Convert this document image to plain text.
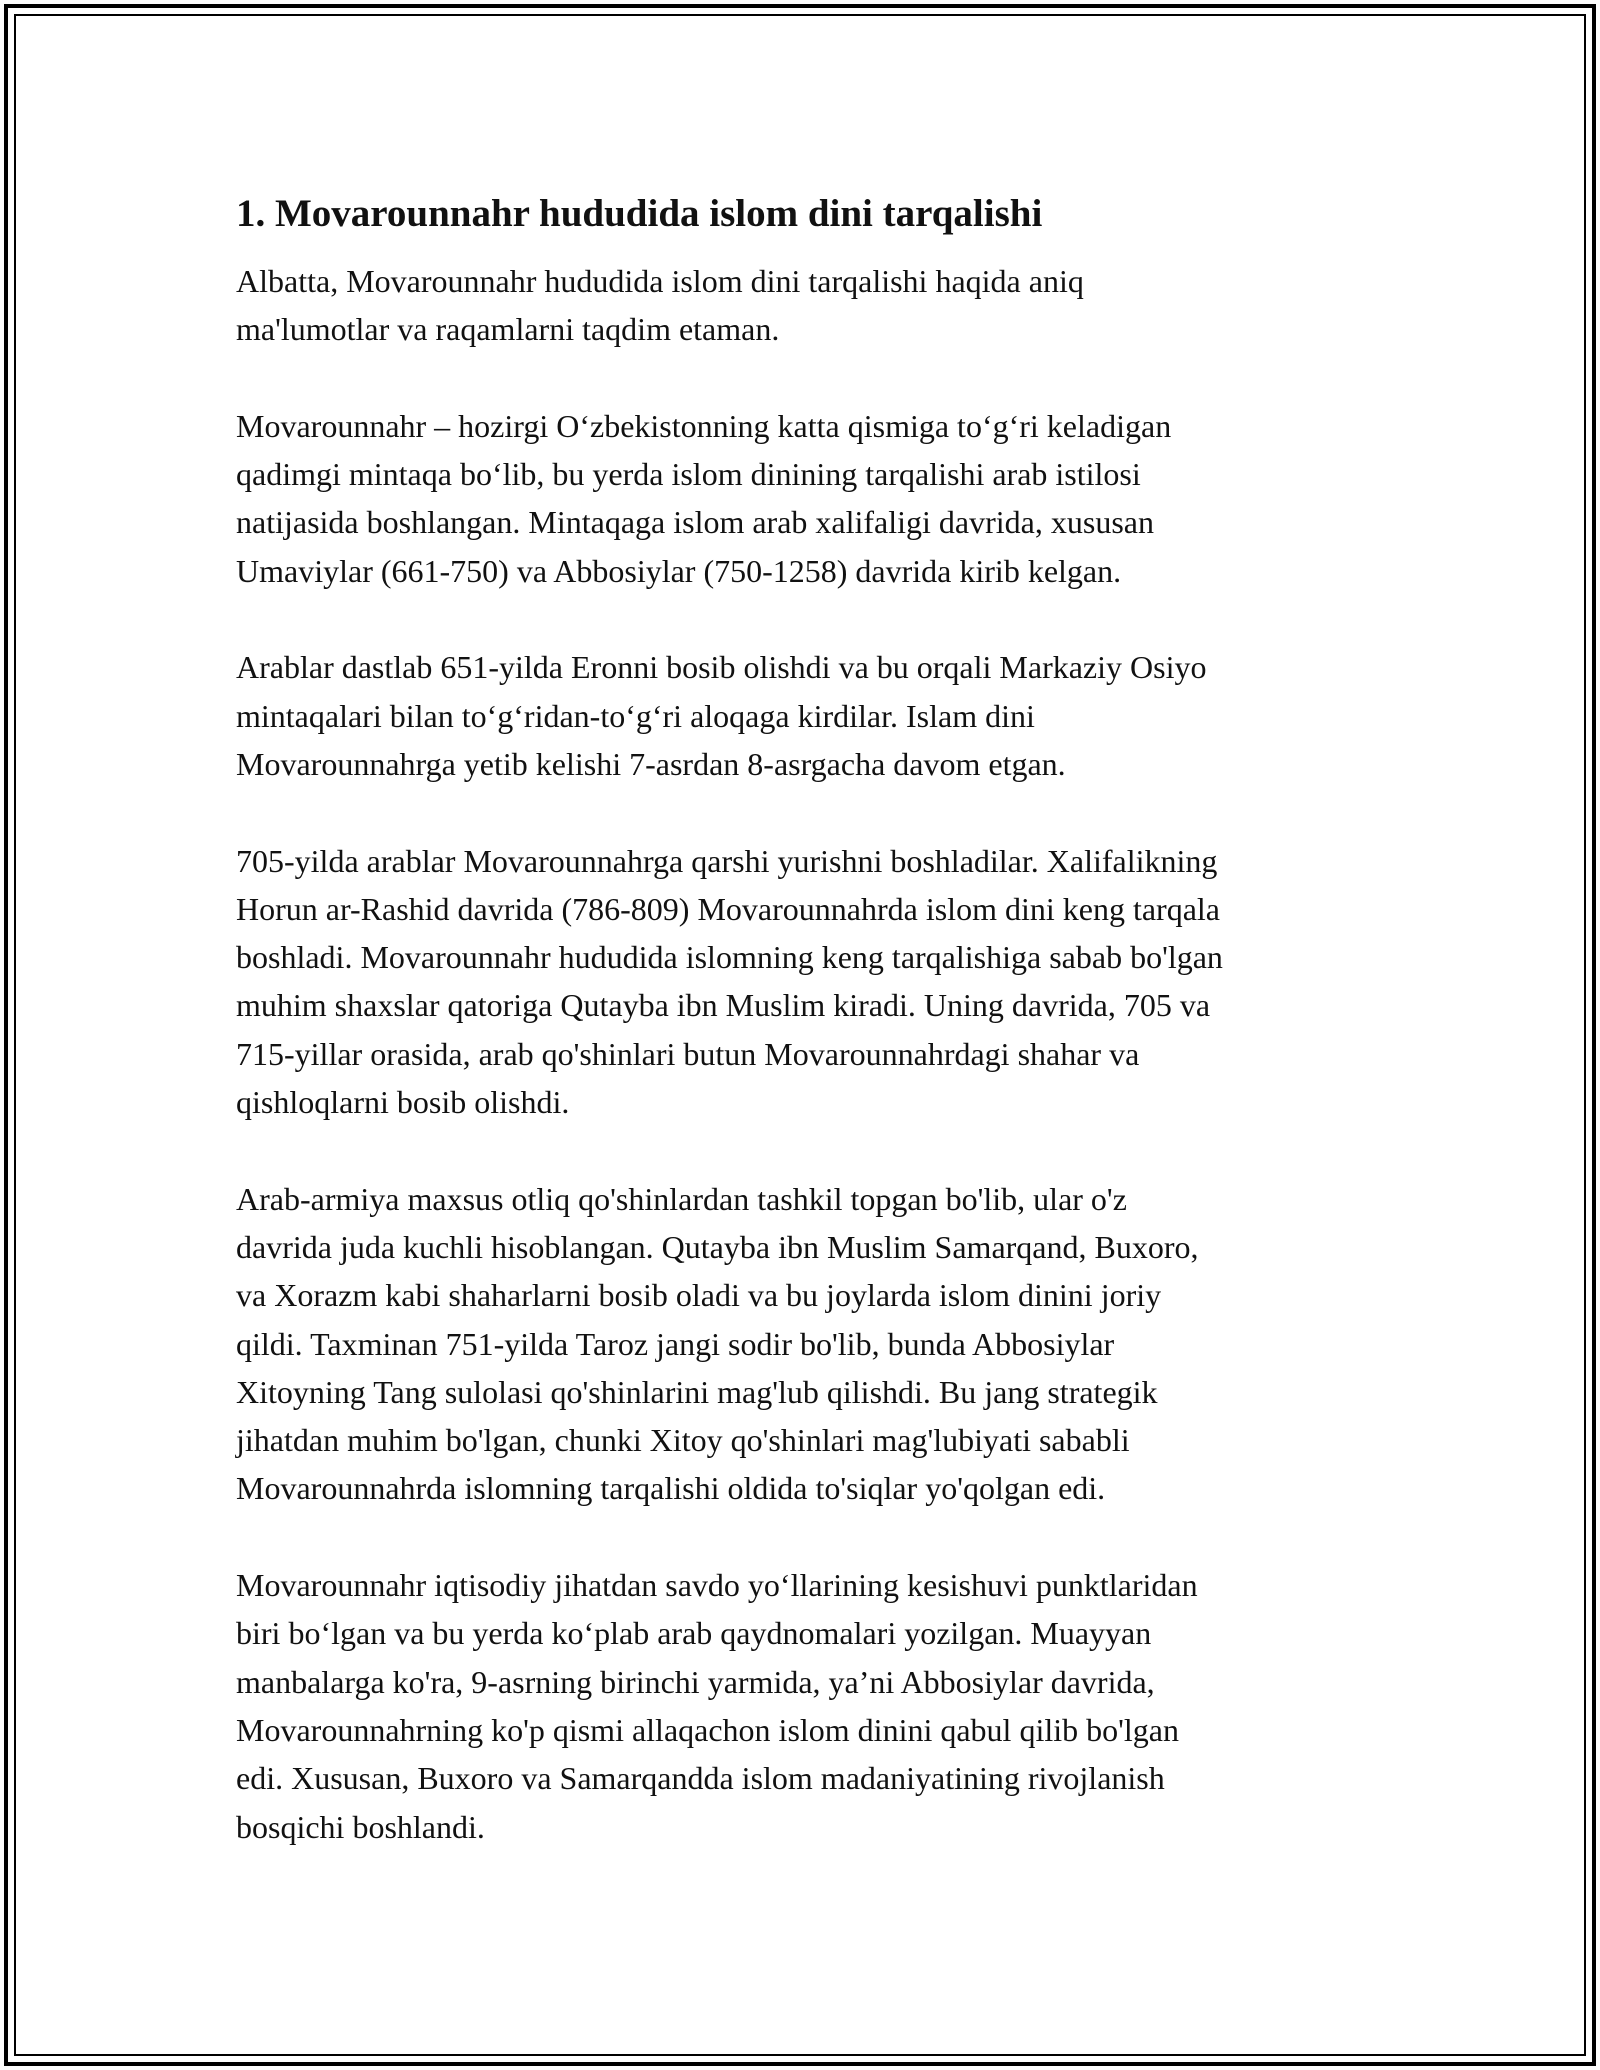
1. Movarounnahr hududida islom dini tarqalishi

Albatta, Movarounnahr hududida islom dini tarqalishi haqida aniq
ma'lumotlar va raqamlarni taqdim etaman.

Movarounnahr – hozirgi O‘zbekistonning katta qismiga to‘g‘ri keladigan
qadimgi mintaqa bo‘lib, bu yerda islom dinining tarqalishi arab istilosi
natijasida boshlangan. Mintaqaga islom arab xalifaligi davrida, xususan
Umaviylar (661-750) va Abbosiylar (750-1258) davrida kirib kelgan.

Arablar dastlab 651-yilda Eronni bosib olishdi va bu orqali Markaziy Osiyo
mintaqalari bilan to‘g‘ridan-to‘g‘ri aloqaga kirdilar. Islam dini
Movarounnahrga yetib kelishi 7-asrdan 8-asrgacha davom etgan.

705-yilda arablar Movarounnahrga qarshi yurishni boshladilar. Xalifalikning
Horun ar-Rashid davrida (786-809) Movarounnahrda islom dini keng tarqala
boshladi. Movarounnahr hududida islomning keng tarqalishiga sabab bo'lgan
muhim shaxslar qatoriga Qutayba ibn Muslim kiradi. Uning davrida, 705 va
715-yillar orasida, arab qo'shinlari butun Movarounnahrdagi shahar va
qishloqlarni bosib olishdi.

Arab-armiya maxsus otliq qo'shinlardan tashkil topgan bo'lib, ular o'z
davrida juda kuchli hisoblangan. Qutayba ibn Muslim Samarqand, Buxoro,
va Xorazm kabi shaharlarni bosib oladi va bu joylarda islom dinini joriy
qildi. Taxminan 751-yilda Taroz jangi sodir bo'lib, bunda Abbosiylar
Xitoyning Tang sulolasi qo'shinlarini mag'lub qilishdi. Bu jang strategik
jihatdan muhim bo'lgan, chunki Xitoy qo'shinlari mag'lubiyati sababli
Movarounnahrda islomning tarqalishi oldida to'siqlar yo'qolgan edi.

Movarounnahr iqtisodiy jihatdan savdo yo‘llarining kesishuvi punktlaridan
biri bo‘lgan va bu yerda ko‘plab arab qaydnomalari yozilgan. Muayyan
manbalarga ko'ra, 9-asrning birinchi yarmida, ya’ni Abbosiylar davrida,
Movarounnahrning ko'p qismi allaqachon islom dinini qabul qilib bo'lgan
edi. Xususan, Buxoro va Samarqandda islom madaniyatining rivojlanish
bosqichi boshlandi.
